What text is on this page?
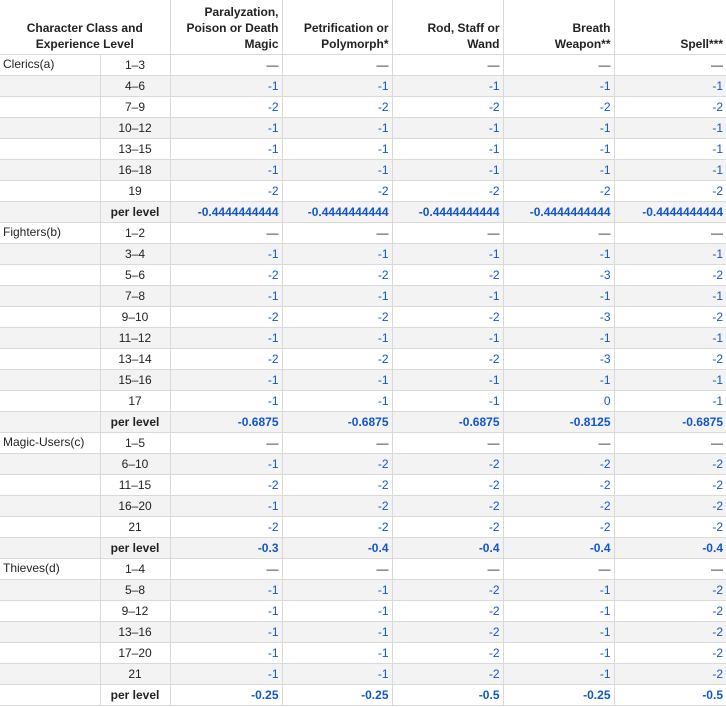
Character Class and
Experience Level		Paralyzation,
Poison or Death
Magic	Petrification or
Polymorph*	Rod, Staff or
Wand	Breath
Weapon**	Spell***
Clerics(a)	1–3	—	—	—	—	—
	4–6	-1	-1	-1	-1	-1
	7–9	-2	-2	-2	-2	-2
	10–12	-1	-1	-1	-1	-1
	13–15	-1	-1	-1	-1	-1
	16–18	-1	-1	-1	-1	-1
	19	-2	-2	-2	-2	-2
	per level	-0.4444444444	-0.4444444444	-0.4444444444	-0.4444444444	-0.4444444444
Fighters(b)	1–2	—	—	—	—	—
	3–4	-1	-1	-1	-1	-1
	5–6	-2	-2	-2	-3	-2
	7–8	-1	-1	-1	-1	-1
	9–10	-2	-2	-2	-3	-2
	11–12	-1	-1	-1	-1	-1
	13–14	-2	-2	-2	-3	-2
	15–16	-1	-1	-1	-1	-1
	17	-1	-1	-1	0	-1
	per level	-0.6875	-0.6875	-0.6875	-0.8125	-0.6875
Magic-Users(c)	1–5	—	—	—	—	—
	6–10	-1	-2	-2	-2	-2
	11–15	-2	-2	-2	-2	-2
	16–20	-1	-2	-2	-2	-2
	21	-2	-2	-2	-2	-2
	per level	-0.3	-0.4	-0.4	-0.4	-0.4
Thieves(d)	1–4	—	—	—	—	—
	5–8	-1	-1	-2	-1	-2
	9–12	-1	-1	-2	-1	-2
	13–16	-1	-1	-2	-1	-2
	17–20	-1	-1	-2	-1	-2
	21	-1	-1	-2	-1	-2
	per level	-0.25	-0.25	-0.5	-0.25	-0.5
